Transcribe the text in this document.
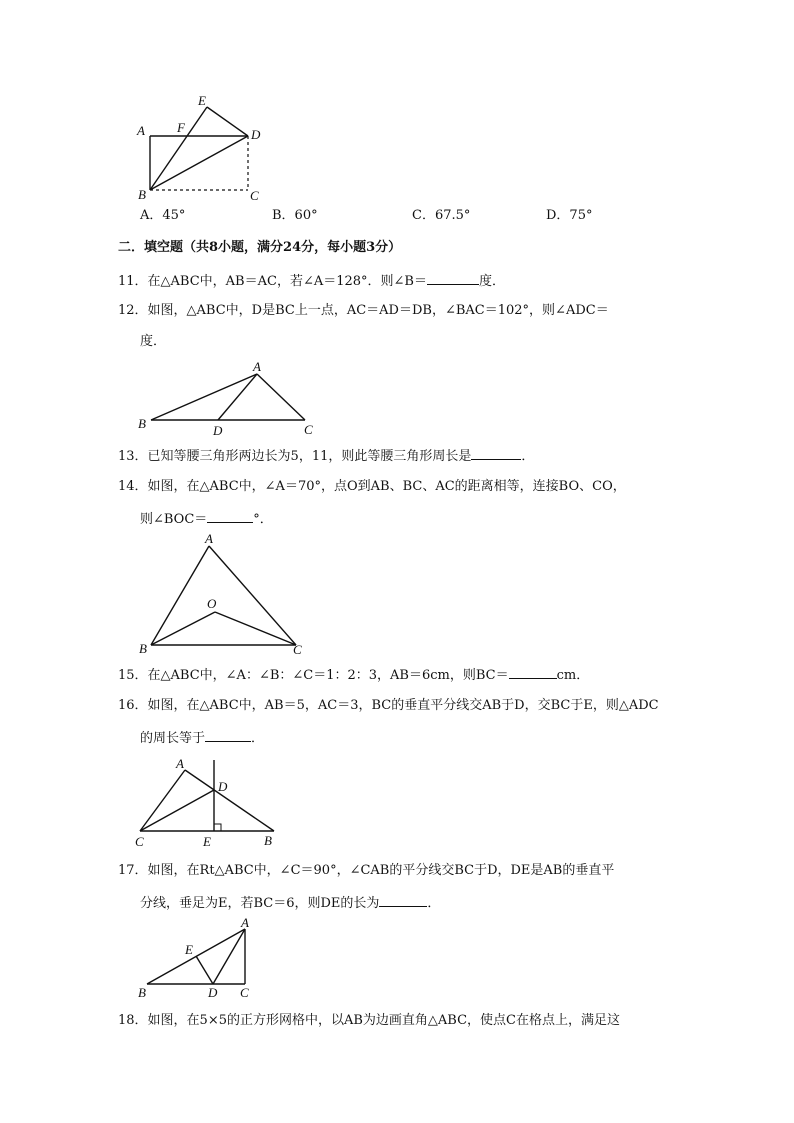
E
A F	D
B	C
A．45°	B．60°	C．67.5°	D．75°
二．填空题（共8小题，满分24分，每小题3分）
11．在△ABC中，AB＝AC，若∠A＝128°．则∠B＝	度．
12．如图，△ABC中，D是BC上一点，AC＝AD＝DB，∠BAC＝102°，则∠ADC＝
度．
A
B	D	C
13．已知等腰三角形两边长为5，11，则此等腰三角形周长是	．
14．如图，在△ABC中，∠A＝70°，点O到AB、BC、AC的距离相等，连接BO、CO，
则∠BOC＝	°．
A
O
B	C
15．在△ABC中，∠A：∠B：∠C＝1：2：3，AB＝6cm，则BC＝	cm．
16．如图，在△ABC中，AB＝5，AC＝3，BC的垂直平分线交AB于D，交BC于E，则△ADC
的周长等于	．
A
D
C	E	B
17．如图，在Rt△ABC中，∠C＝90°，∠CAB的平分线交BC于D，DE是AB的垂直平
分线，垂足为E，若BC＝6，则DE的长为	．
A
E
B	D C
18．如图，在5×5的正方形网格中，以AB为边画直角△ABC，使点C在格点上，满足这
